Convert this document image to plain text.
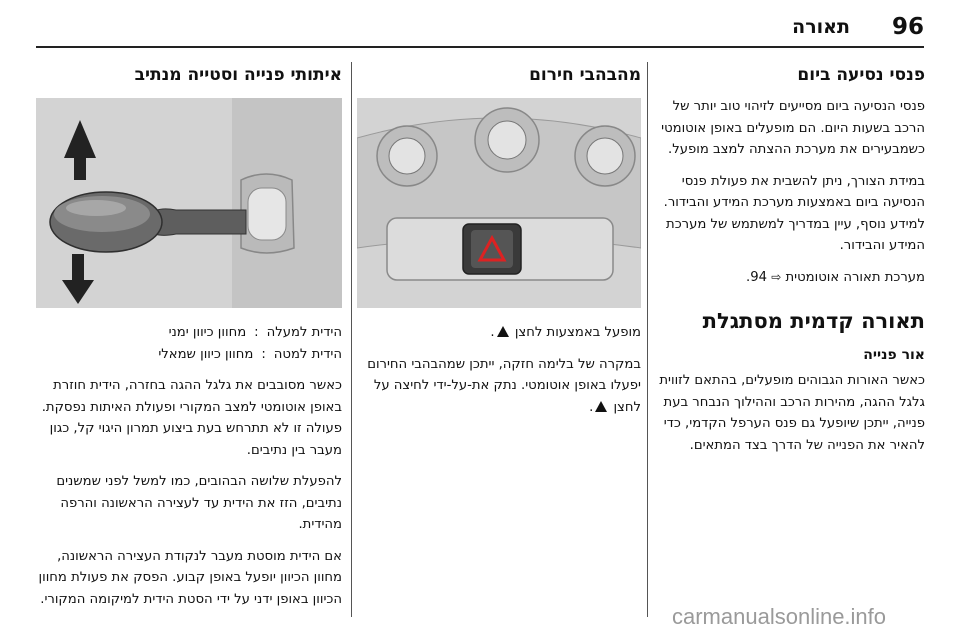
96
תאורה
פנסי נסיעה ביום

פנסי הנסיעה ביום מסייעים לזיהוי טוב יותר של הרכב בשעות היום. הם מופעלים באופן אוטומטי כשמבעירים את מערכת ההצתה למצב מופעל.

במידת הצורך, ניתן להשבית את פעולת פנסי הנסיעה ביום באמצעות מערכת המידע והבידור. למידע נוסף, עיין במדריך למשתמש של מערכת המידע והבידור.

מערכת תאורה אוטומטית ⇨ 94.

תאורה קדמית מסתגלת
אור פנייה

כאשר האורות הגבוהים מופעלים, בהתאם לזווית גלגל ההגה, מהירות הרכב וההילוך הנבחר בעת פנייה, ייתכן שיופעל גם פנס הערפל הקדמי, כדי להאיר את הפנייה של הדרך בצד המתאים.

מהבהבי חירום

מופעל באמצעות לחצן .

במקרה של בלימה חזקה, ייתכן שמהבהבי החירום יפעלו באופן אוטומטי. נתק את-על-ידי לחיצה על לחצן .

איתותי פנייה וסטייה מנתיב
הידית למעלה
:
מחוון כיוון ימני
הידית למטה
:
מחוון כיוון שמאלי

כאשר מסובבים את גלגל ההגה בחזרה, הידית חוזרת באופן אוטומטי למצב המקורי ופעולת האיתות נפסקת. פעולה זו לא תתרחש בעת ביצוע תמרון היגוי קל, כגון מעבר בין נתיבים.

להפעלת שלושה הבהובים, כמו למשל לפני שמשנים נתיבים, הזז את הידית עד לעצירה הראשונה והרפה מהידית.

אם הידית מוסטת מעבר לנקודת העצירה הראשונה, מחוון הכיוון יופעל באופן קבוע. הפסק את פעולת מחוון הכיוון באופן ידני על ידי הסטת הידית למיקומה המקורי.

carmanualsonline.info
